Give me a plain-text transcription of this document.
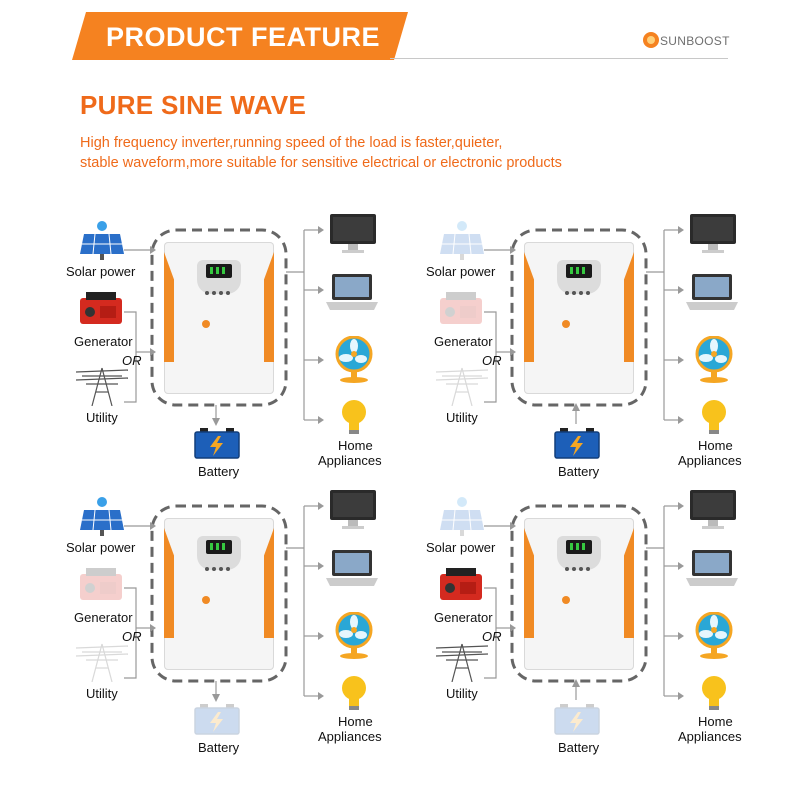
PRODUCT FEATURE	SUNBOOST
PURE SINE WAVE
High frequency inverter,running speed of the load is faster,quieter,
stable waveform,more suitable for sensitive electrical or electronic products
Solar power
Generator
OR
Utility
Battery
Home
Appliances
Solar power
Generator
OR
Utility
Battery
Home
Appliances
Solar power
Generator
OR
Utility
Battery
Home
Appliances
Solar power
Generator
OR
Utility
Battery
Home
Appliances
